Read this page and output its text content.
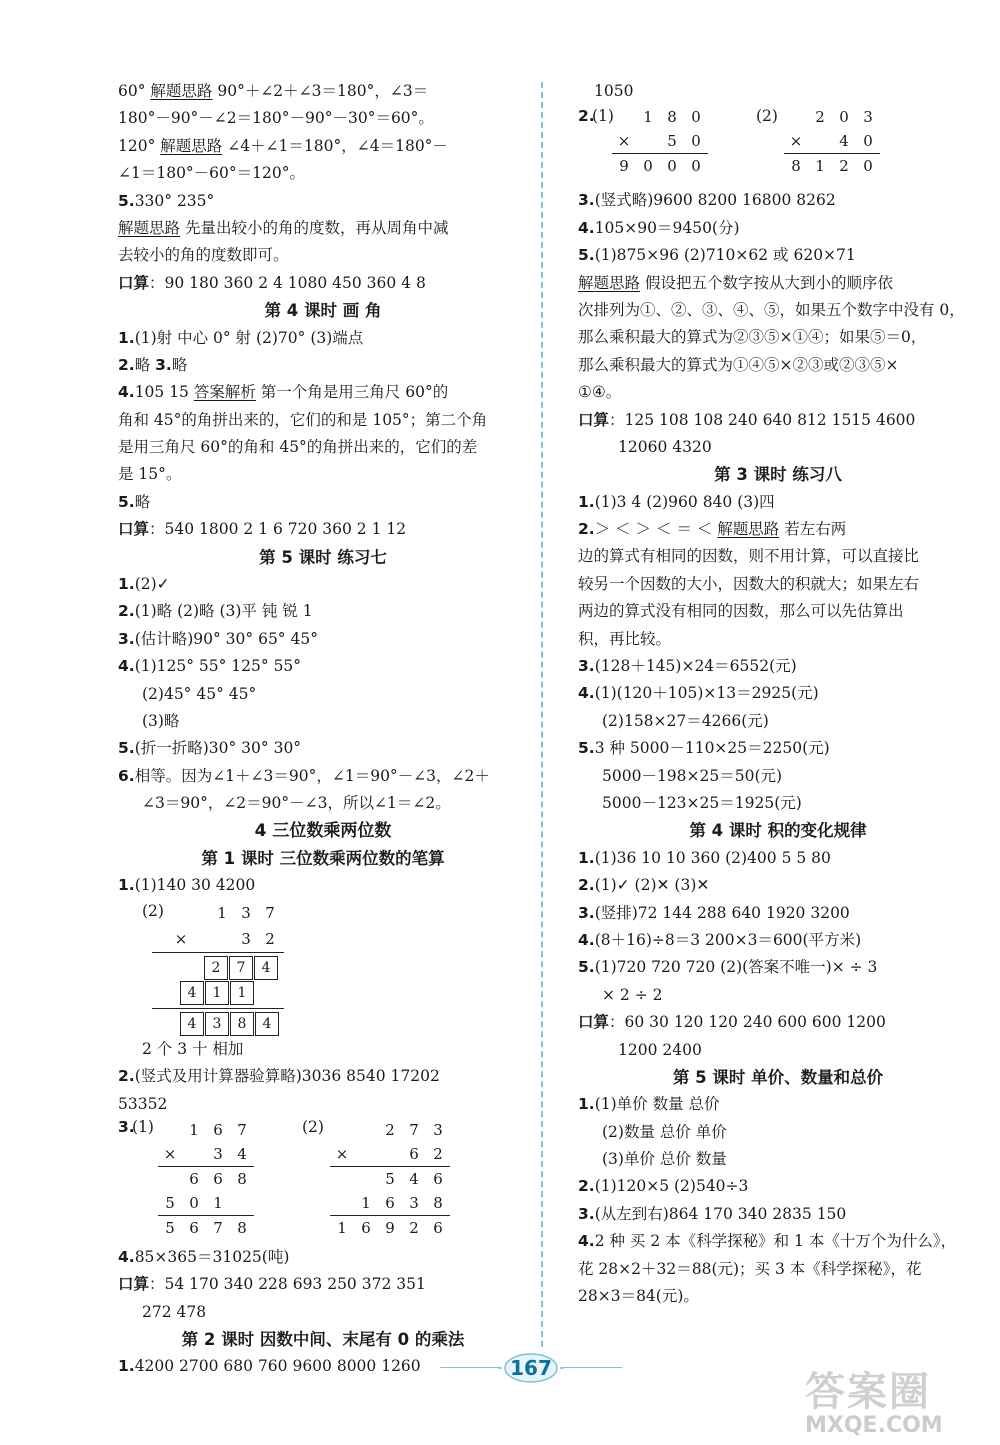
60° 解题思路 90°＋∠2＋∠3＝180°，∠3＝
180°－90°－∠2＝180°－90°－30°＝60°。
120° 解题思路 ∠4＋∠1＝180°，∠4＝180°－
∠1＝180°－60°＝120°。
5.330° 235°
解题思路 先量出较小的角的度数，再从周角中减
去较小的角的度数即可。
口算：90 180 360 2 4 1080 450 360 4 8
第 4 课时 画 角
1.(1)射 中心 0° 射 (2)70° (3)端点
2.略 3.略
4.105 15 答案解析 第一个角是用三角尺 60°的
角和 45°的角拼出来的，它们的和是 105°；第二个角
是用三角尺 60°的角和 45°的角拼出来的，它们的差
是 15°。
5.略
口算：540 1800 2 1 6 720 360 2 1 12
第 5 课时 练习七
1.(2)✓
2.(1)略 (2)略 (3)平 钝 锐 1
3.(估计略)90° 30° 65° 45°
4.(1)125° 55° 125° 55°
(2)45° 45° 45°
(3)略
5.(折一折略)30° 30° 30°
6.相等。因为∠1＋∠3＝90°，∠1＝90°－∠3，∠2＋
∠3＝90°，∠2＝90°－∠3，所以∠1＝∠2。
4 三位数乘两位数
第 1 课时 三位数乘两位数的笔算
1.(1)140 30 4200
(2)	1 3 7
×	3 2
2 7 4
4 1 1
4 3 8 4
2 个 3 十 相加
2.(竖式及用计算器验算略)3036 8540 17202
53352
3.
(1)	1 6 7
×	3 4
6 6 8
5 0 1
5 6 7 8
(2)	2 7 3
×	6 2
5 4 6
1 6 3 8
1 6 9 2 6
4.85×365＝31025(吨)
口算：54 170 340 228 693 250 372 351
272 478
第 2 课时 因数中间、末尾有 0 的乘法
1.4200 2700 680 760 9600 8000 1260
1050
2.
(1)	1 8 0
×	5 0
9 0 0 0
(2)	2 0 3
×	4 0
8 1 2 0
3.(竖式略)9600 8200 16800 8262
4.105×90＝9450(分)
5.(1)875×96 (2)710×62 或 620×71
解题思路 假设把五个数字按从大到小的顺序依
次排列为①、②、③、④、⑤，如果五个数字中没有 0，
那么乘积最大的算式为②③⑤×①④；如果⑤＝0，
那么乘积最大的算式为①④⑤×②③或②③⑤×
①④。
口算：125 108 108 240 640 812 1515 4600
12060 4320
第 3 课时 练习八
1.(1)3 4 (2)960 840 (3)四
2.＞ ＜ ＞ ＜ ＝ ＜ 解题思路 若左右两
边的算式有相同的因数，则不用计算，可以直接比
较另一个因数的大小，因数大的积就大；如果左右
两边的算式没有相同的因数，那么可以先估算出
积，再比较。
3.(128＋145)×24＝6552(元)
4.(1)(120＋105)×13＝2925(元)
(2)158×27＝4266(元)
5.3 种 5000－110×25＝2250(元)
5000－198×25＝50(元)
5000－123×25＝1925(元)
第 4 课时 积的变化规律
1.(1)36 10 10 360 (2)400 5 5 80
2.(1)✓ (2)✕ (3)✕
3.(竖排)72 144 288 640 1920 3200
4.(8＋16)÷8＝3 200×3＝600(平方米)
5.(1)720 720 720 (2)(答案不唯一)× ÷ 3
× 2 ÷ 2
口算：60 30 120 120 240 600 600 1200
1200 2400
第 5 课时 单价、数量和总价
1.(1)单价 数量 总价
(2)数量 总价 单价
(3)单价 总价 数量
2.(1)120×5 (2)540÷3
3.(从左到右)864 170 340 2835 150
4.2 种 买 2 本《科学探秘》和 1 本《十万个为什么》，
花 28×2＋32＝88(元)；买 3 本《科学探秘》，花
28×3＝84(元)。
167
答案圈
MXQE.COM
